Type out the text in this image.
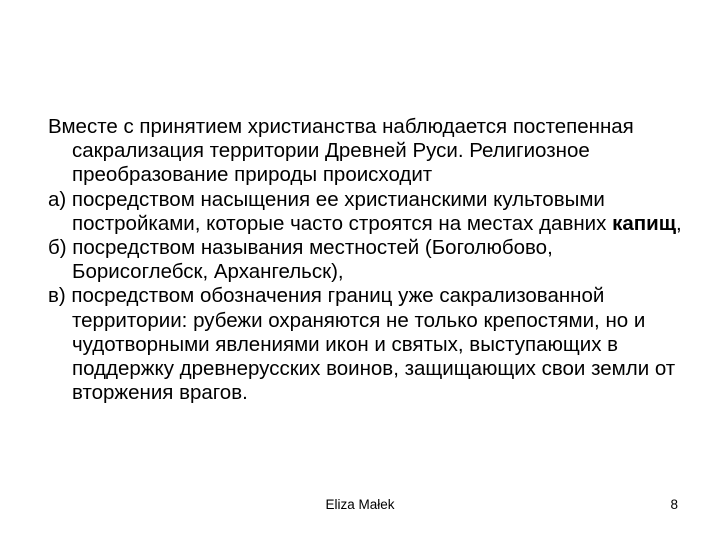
Вместе с принятием христианства наблюдается постепенная сакрализация территории Древней Руси. Религиозное преобразование природы происходит

а) посредством насыщения ее христианскими культовыми постройками, которые часто строятся на местах давних капищ,

б) посредством называния местностей (Боголюбово, Борисоглебск, Архангельск),

в) посредством обозначения границ уже сакрализованной территории: рубежи охраняются не только крепостями, но и чудотворными явлениями икон и святых, выступающих в поддержку древнерусских воинов, защищающих свои земли от вторжения врагов.

Eliza Małek	8
